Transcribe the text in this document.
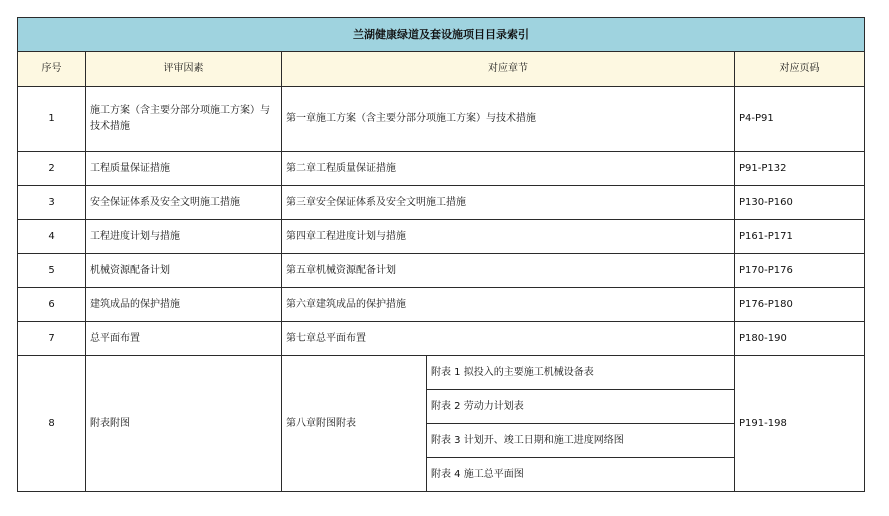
兰湖健康绿道及套设施项目目录索引				
序号	评审因素	对应章节		对应页码
1	施工方案（含主要分部分项施工方案）与技术措施	第一章施工方案（含主要分部分项施工方案）与技术措施		P4-P91
2	工程质量保证措施	第二章工程质量保证措施		P91-P132
3	安全保证体系及安全文明施工措施	第三章安全保证体系及安全文明施工措施		P130-P160
4	工程进度计划与措施	第四章工程进度计划与措施		P161-P171
5	机械资源配备计划	第五章机械资源配备计划		P170-P176
6	建筑成品的保护措施	第六章建筑成品的保护措施		P176-P180
7	总平面布置	第七章总平面布置		P180-190
8	附表附图	第八章附图附表	附表 1 拟投入的主要施工机械设备表	P191-198
			附表 2 劳动力计划表	
			附表 3 计划开、竣工日期和施工进度网络图	
			附表 4 施工总平面图	
